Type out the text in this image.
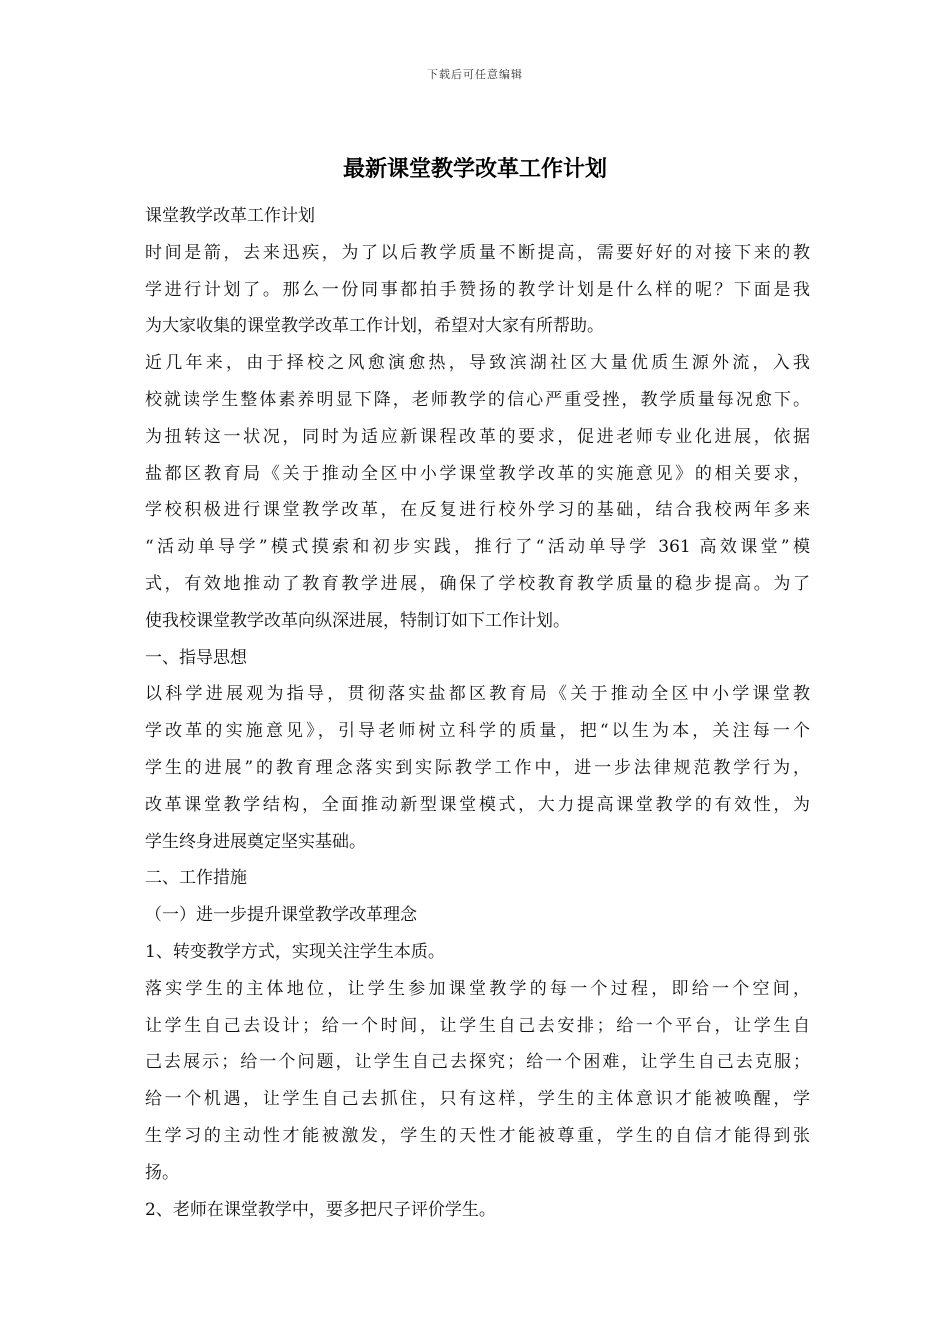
下载后可任意编辑
最新课堂教学改革工作计划
课堂教学改革工作计划
时间是箭，去来迅疾，为了以后教学质量不断提高，需要好好的对接下来的教
学进行计划了。那么一份同事都拍手赞扬的教学计划是什么样的呢？下面是我
为大家收集的课堂教学改革工作计划，希望对大家有所帮助。
近几年来，由于择校之风愈演愈热，导致滨湖社区大量优质生源外流，入我
校就读学生整体素养明显下降，老师教学的信心严重受挫，教学质量每况愈下。
为扭转这一状况，同时为适应新课程改革的要求，促进老师专业化进展，依据
盐都区教育局《关于推动全区中小学课堂教学改革的实施意见》的相关要求，
学校积极进行课堂教学改革，在反复进行校外学习的基础，结合我校两年多来
“活动单导学”模式摸索和初步实践，推行了“活动单导学 361 高效课堂”模
式，有效地推动了教育教学进展，确保了学校教育教学质量的稳步提高。为了
使我校课堂教学改革向纵深进展，特制订如下工作计划。
一、指导思想
以科学进展观为指导，贯彻落实盐都区教育局《关于推动全区中小学课堂教
学改革的实施意见》，引导老师树立科学的质量，把“以生为本，关注每一个
学生的进展”的教育理念落实到实际教学工作中，进一步法律规范教学行为，
改革课堂教学结构，全面推动新型课堂模式，大力提高课堂教学的有效性，为
学生终身进展奠定坚实基础。
二、工作措施
（一）进一步提升课堂教学改革理念
1、转变教学方式，实现关注学生本质。
落实学生的主体地位，让学生参加课堂教学的每一个过程，即给一个空间，
让学生自己去设计；给一个时间，让学生自己去安排；给一个平台，让学生自
己去展示；给一个问题，让学生自己去探究；给一个困难，让学生自己去克服；
给一个机遇，让学生自己去抓住，只有这样，学生的主体意识才能被唤醒，学
生学习的主动性才能被激发，学生的天性才能被尊重，学生的自信才能得到张
扬。
2、老师在课堂教学中，要多把尺子评价学生。
